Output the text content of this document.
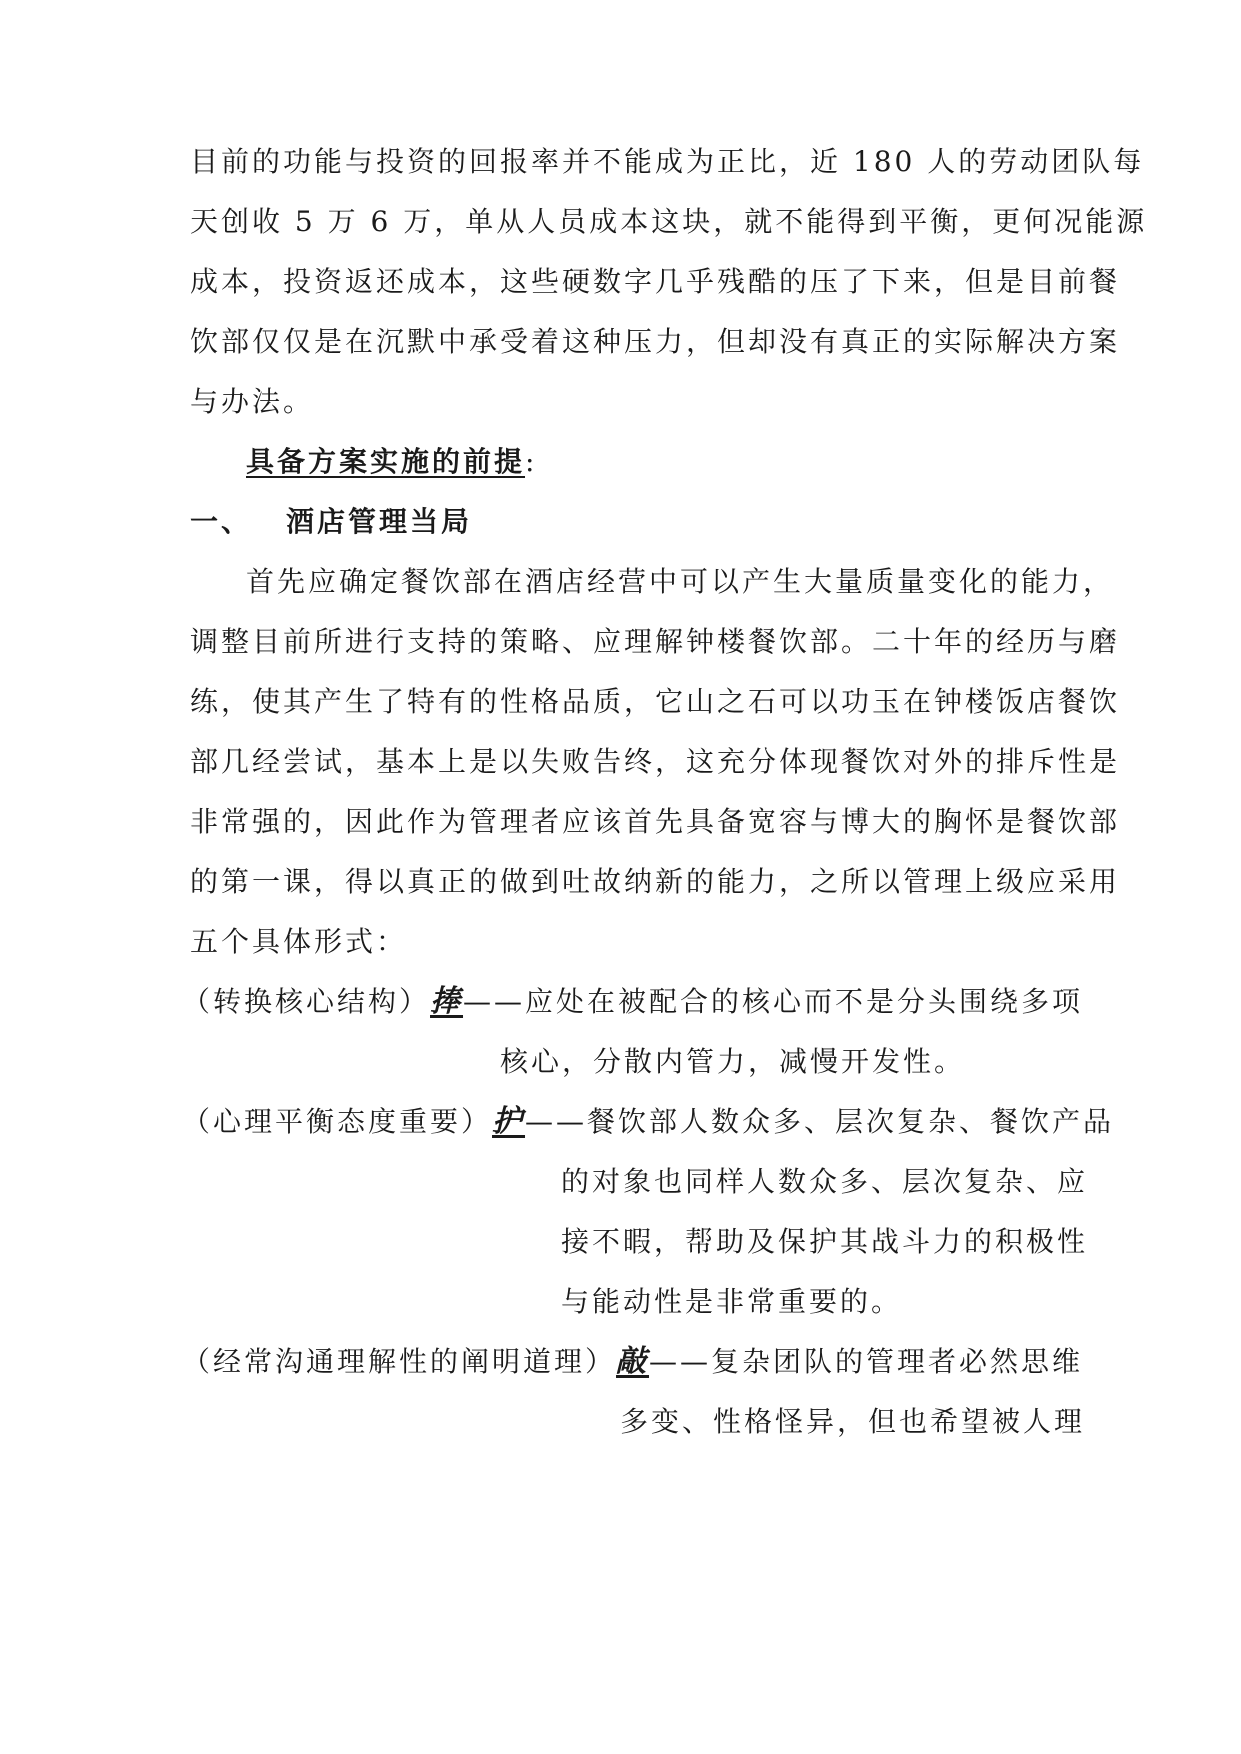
目前的功能与投资的回报率并不能成为正比，近 180 人的劳动团队每
天创收 5 万 6 万，单从人员成本这块，就不能得到平衡，更何况能源
成本，投资返还成本，这些硬数字几乎残酷的压了下来，但是目前餐
饮部仅仅是在沉默中承受着这种压力，但却没有真正的实际解决方案
与办法。
具备方案实施的前提:
一、 酒店管理当局
首先应确定餐饮部在酒店经营中可以产生大量质量变化的能力，
调整目前所进行支持的策略、应理解钟楼餐饮部。二十年的经历与磨
练，使其产生了特有的性格品质，它山之石可以功玉在钟楼饭店餐饮
部几经尝试，基本上是以失败告终，这充分体现餐饮对外的排斥性是
非常强的，因此作为管理者应该首先具备宽容与博大的胸怀是餐饮部
的第一课，得以真正的做到吐故纳新的能力，之所以管理上级应采用
五个具体形式：
（转换核心结构）捧——应处在被配合的核心而不是分头围绕多项
核心，分散内管力，减慢开发性。
（心理平衡态度重要）护——餐饮部人数众多、层次复杂、餐饮产品
的对象也同样人数众多、层次复杂、应
接不暇，帮助及保护其战斗力的积极性
与能动性是非常重要的。
（经常沟通理解性的阐明道理）敲——复杂团队的管理者必然思维
多变、性格怪异，但也希望被人理
